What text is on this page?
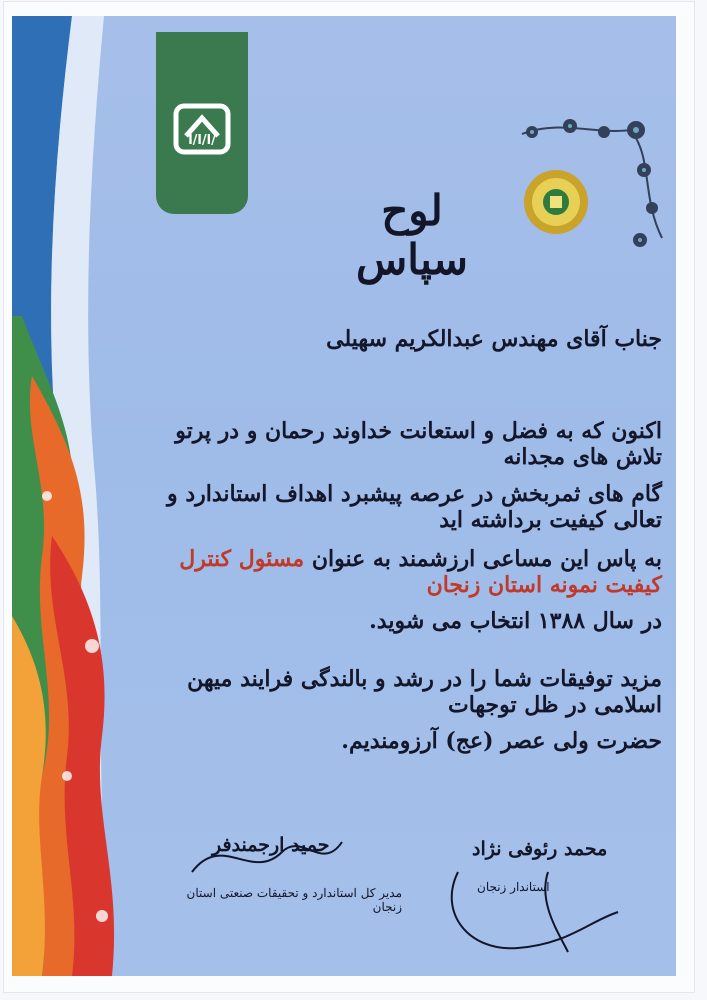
ا/ا/ا/
لوح سپاس
جناب آقای مهندس عبدالکریم سهیلی
اکنون که به فضل و استعانت خداوند رحمان و در پرتو تلاش های مجدانه
گام های ثمربخش در عرصه پیشبرد اهداف استاندارد و تعالی کیفیت برداشته اید
به پاس این مساعی ارزشمند به عنوان مسئول کنترل کیفیت نمونه استان زنجان
در سال ۱۳۸۸ انتخاب می شوید.
مزید توفیقات شما را در رشد و بالندگی فرایند میهن اسلامی در ظل توجهات
حضرت ولی عصر (عج) آرزومندیم.
حمید ارجمندفر
مدیر کل استاندارد و تحقیقات صنعتی استان زنجان
محمد رئوفی نژاد
استاندار زنجان
